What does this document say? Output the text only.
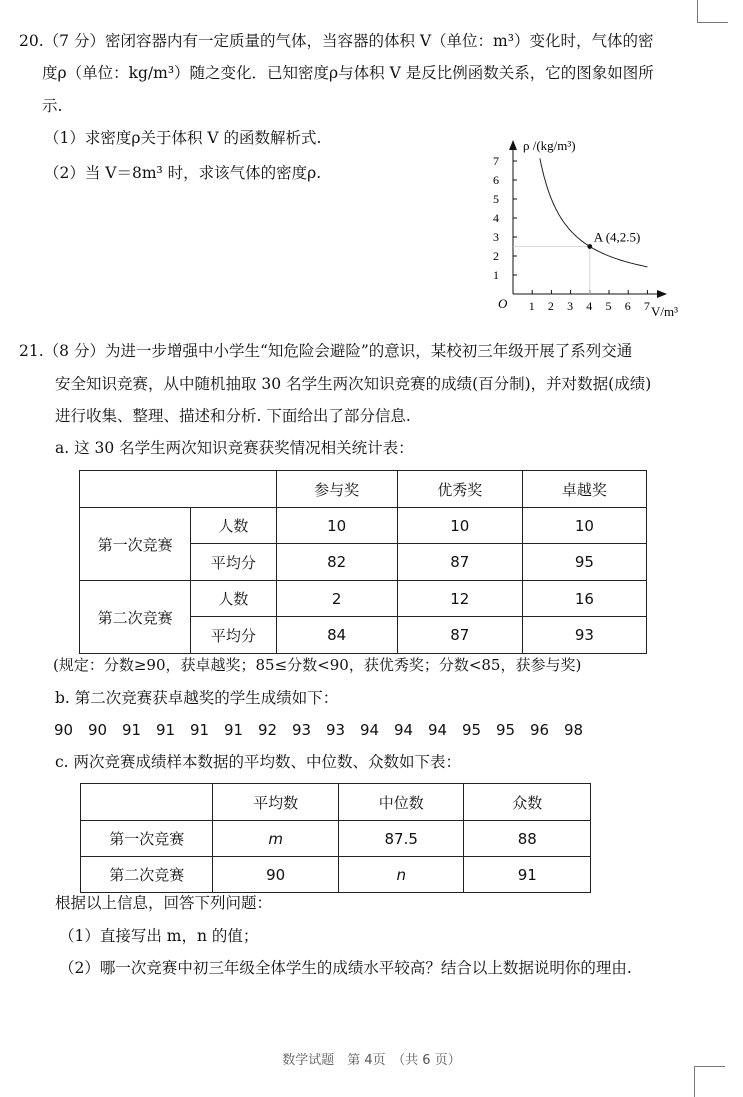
20.（7 分）密闭容器内有一定质量的气体，当容器的体积 V（单位：m³）变化时，气体的密
度ρ（单位：kg/m³）随之变化．已知密度ρ与体积 V 是反比例函数关系，它的图象如图所
示.
（1）求密度ρ关于体积 V 的函数解析式.
（2）当 V＝8m³ 时，求该气体的密度ρ.
1 2 3 4 5 6 7
1
2
3
4
5
6
7
A (4,2.5)
ρ /(kg/m³)
V/m³
O
21.（8 分）为进一步增强中小学生“知危险会避险”的意识，某校初三年级开展了系列交通
安全知识竞赛，从中随机抽取 30 名学生两次知识竞赛的成绩(百分制)，并对数据(成绩)
进行收集、整理、描述和分析. 下面给出了部分信息.
a. 这 30 名学生两次知识竞赛获奖情况相关统计表：
		参与奖	优秀奖	卓越奖
第一次竞赛	人数	10	10	10
	平均分	82	87	95
第二次竞赛	人数	2	12	16
	平均分	84	87	93
(规定：分数≥90，获卓越奖；85≤分数<90，获优秀奖；分数<85，获参与奖)
b. 第二次竞赛获卓越奖的学生成绩如下：
90 90 91 91 91 91 92 93 93 94 94 94 95 95 96 98
c. 两次竞赛成绩样本数据的平均数、中位数、众数如下表：
	平均数	中位数	众数
第一次竞赛	m	87.5	88
第二次竞赛	90	n	91
根据以上信息，回答下列问题：
（1）直接写出 m，n 的值；
（2）哪一次竞赛中初三年级全体学生的成绩水平较高？结合以上数据说明你的理由.
数学试题　第 4页　（共 6 页）
